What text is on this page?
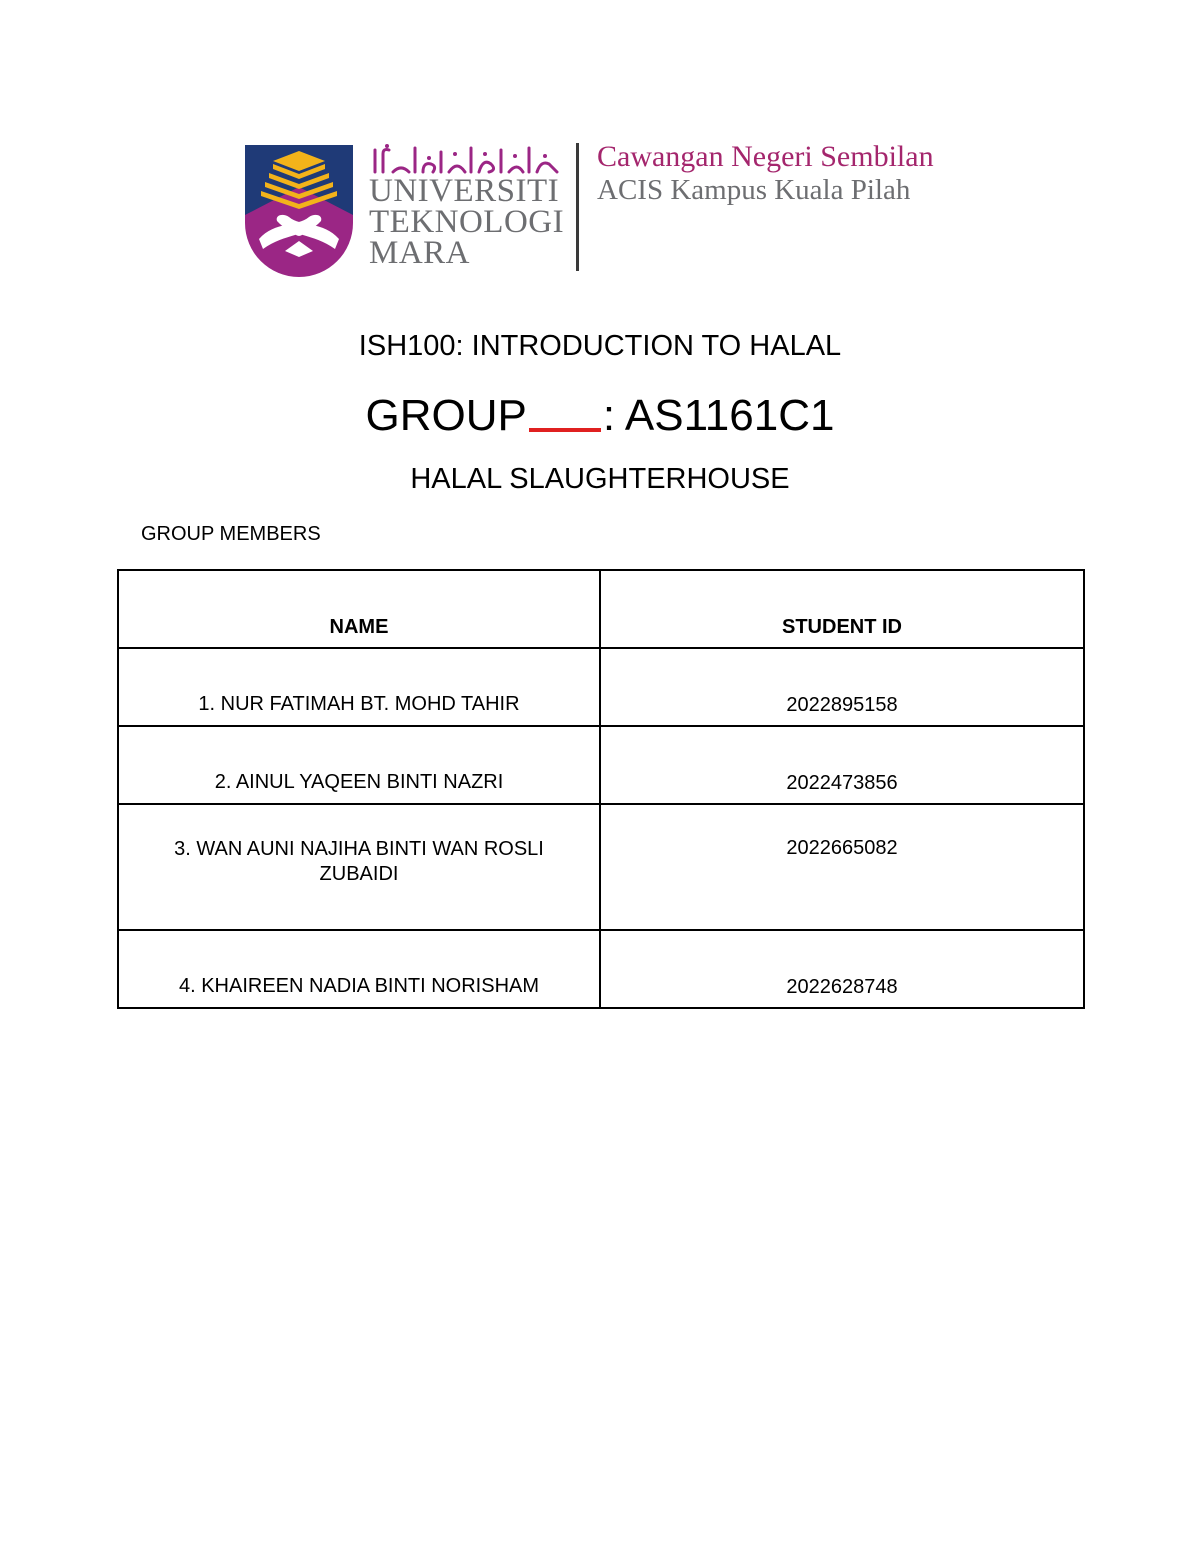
UNIVERSITI
TEKNOLOGI
MARA
Cawangan Negeri Sembilan
ACIS Kampus Kuala Pilah
ISH100: INTRODUCTION TO HALAL
GROUP : AS1161C1
HALAL SLAUGHTERHOUSE
GROUP MEMBERS
NAME	STUDENT ID
1. NUR FATIMAH BT. MOHD TAHIR	2022895158
2. AINUL YAQEEN BINTI NAZRI	2022473856
3. WAN AUNI NAJIHA BINTI WAN ROSLI ZUBAIDI	2022665082
4. KHAIREEN NADIA BINTI NORISHAM	2022628748
